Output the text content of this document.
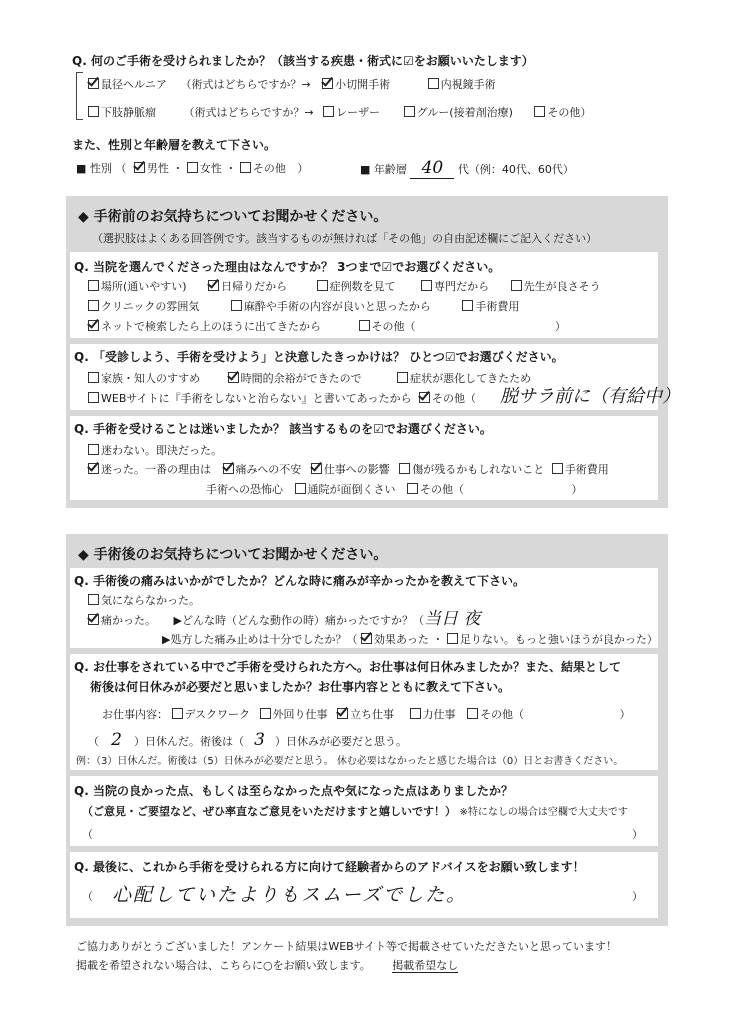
Q. 何のご手術を受けられましたか？（該当する疾患・術式に☑をお願いいたします）
鼠径ヘルニア （術式はどちらですか？→ 小切開手術	内視鏡手術
下肢静脈瘤	（術式はどちらですか？→ レーザー	グルー(接着剤治療)	その他）
また、性別と年齢層を教えて下さい。
■ 性別 （ 男性 ・ 女性 ・ その他 ）	■ 年齢層 40 代（例：40代、60代）
◆ 手術前のお気持ちについてお聞かせください。
（選択肢はよくある回答例です。該当するものが無ければ「その他」の自由記述欄にご記入ください）
Q. 当院を選んでくださった理由はなんですか？ 3つまで☑でお選びください。
場所(通いやすい)	日帰りだから	症例数を見て	専門だから	先生が良さそう
クリニックの雰囲気	麻酔や手術の内容が良いと思ったから	手術費用
ネットで検索したら上のほうに出てきたから	その他（	）
Q. 「受診しよう、手術を受けよう」と決意したきっかけは？ ひとつ☑でお選びください。
家族・知人のすすめ	時間的余裕ができたので	症状が悪化してきたため
WEBサイトに『手術をしないと治らない』と書いてあったから その他（ 脱サラ前に（有給中）
Q. 手術を受けることは迷いましたか？ 該当するものを☑でお選びください。
迷わない。即決だった。
迷った。一番の理由は 痛みへの不安 仕事への影響 傷が残るかもしれないこと 手術費用
手術への恐怖心 通院が面倒くさい その他（	）
◆ 手術後のお気持ちについてお聞かせください。
Q. 手術後の痛みはいかがでしたか？どんな時に痛みが辛かったかを教えて下さい。
気にならなかった。
痛かった。 ▶どんな時（どんな動作の時）痛かったですか？（ 当日 夜
▶処方した痛み止めは十分でしたか？（ 効果あった ・ 足りない。もっと強いほうが良かった）
Q. お仕事をされている中でご手術を受けられた方へ。お仕事は何日休みましたか？また、結果として
術後は何日休みが必要だと思いましたか？お仕事内容とともに教えて下さい。
お仕事内容： デスクワーク 外回り仕事 立ち仕事	力仕事 その他（	）
（ 2 ）日休んだ。術後は（ 3 ）日休みが必要だと思う。
例：（3）日休んだ。術後は（5）日休みが必要だと思う。 休む必要はなかったと感じた場合は（0）日とお書きください。
Q. 当院の良かった点、もしくは至らなかった点や気になった点はありましたか？
（ご意見・ご要望など、ぜひ率直なご意見をいただけますと嬉しいです！） ※特になしの場合は空欄で大丈夫です
（	）
Q. 最後に、これから手術を受けられる方に向けて経験者からのアドバイスをお願い致します！
（ 心配していたよりもスムーズでした。	）
ご協力ありがとうございました！アンケート結果はWEBサイト等で掲載させていただきたいと思っています！
掲載を希望されない場合は、こちらに○をお願い致します。 掲載希望なし
